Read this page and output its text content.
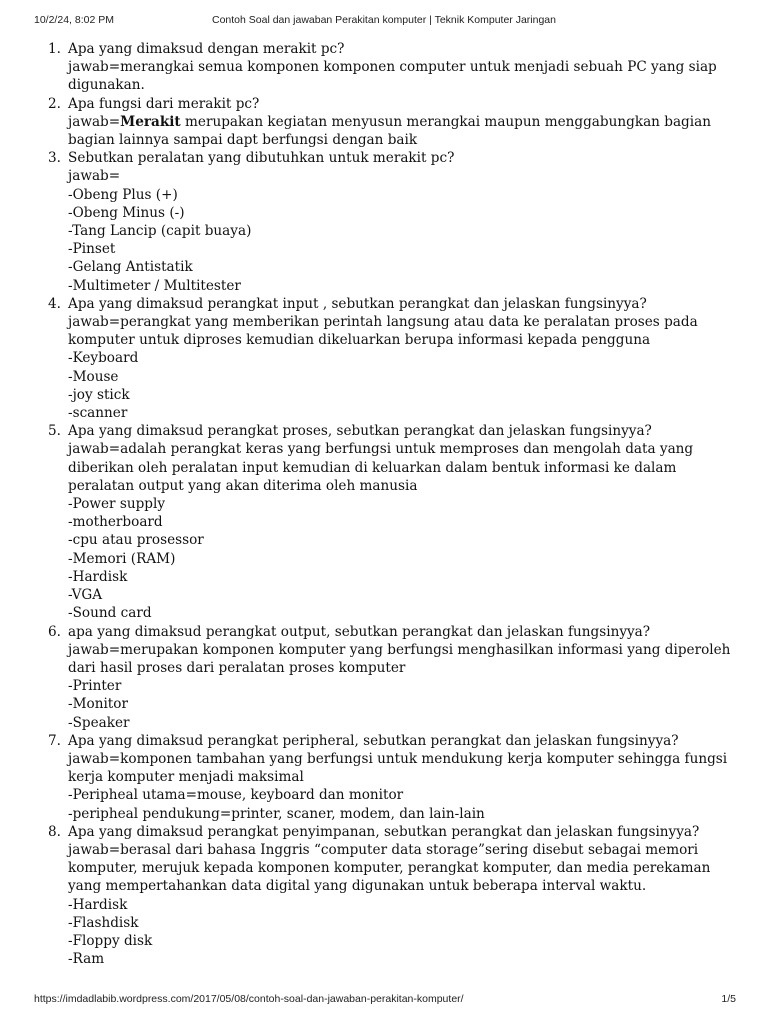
10/2/24, 8:02 PM	Contoh Soal dan jawaban Perakitan komputer | Teknik Komputer Jaringan
1. Apa yang dimaksud dengan merakit pc?
jawab=merangkai semua komponen komponen computer untuk menjadi sebuah PC yang siap digunakan.
2. Apa fungsi dari merakit pc?
jawab=Merakit merupakan kegiatan menyusun merangkai maupun menggabungkan bagian bagian lainnya sampai dapt berfungsi dengan baik
3. Sebutkan peralatan yang dibutuhkan untuk merakit pc?
jawab=
-Obeng Plus (+)
-Obeng Minus (-)
-Tang Lancip (capit buaya)
-Pinset
-Gelang Antistatik
-Multimeter / Multitester
4. Apa yang dimaksud perangkat input , sebutkan perangkat dan jelaskan fungsinyya?
jawab=perangkat yang memberikan perintah langsung atau data ke peralatan proses pada komputer untuk diproses kemudian dikeluarkan berupa informasi kepada pengguna
-Keyboard
-Mouse
-joy stick
-scanner
5. Apa yang dimaksud perangkat proses, sebutkan perangkat dan jelaskan fungsinyya?
jawab=adalah perangkat keras yang berfungsi untuk memproses dan mengolah data yang diberikan oleh peralatan input kemudian di keluarkan dalam bentuk informasi ke dalam peralatan output yang akan diterima oleh manusia
-Power supply
-motherboard
-cpu atau prosessor
-Memori (RAM)
-Hardisk
-VGA
-Sound card
6. apa yang dimaksud perangkat output, sebutkan perangkat dan jelaskan fungsinyya?
jawab=merupakan komponen komputer yang berfungsi menghasilkan informasi yang diperoleh dari hasil proses dari peralatan proses komputer
-Printer
-Monitor
-Speaker
7. Apa yang dimaksud perangkat peripheral, sebutkan perangkat dan jelaskan fungsinyya?
jawab=komponen tambahan yang berfungsi untuk mendukung kerja komputer sehingga fungsi kerja komputer menjadi maksimal
-Peripheal utama=mouse, keyboard dan monitor
-peripheal pendukung=printer, scaner, modem, dan lain-lain
8. Apa yang dimaksud perangkat penyimpanan, sebutkan perangkat dan jelaskan fungsinyya?
jawab=berasal dari bahasa Inggris “computer data storage”sering disebut sebagai memori komputer, merujuk kepada komponen komputer, perangkat komputer, dan media perekaman yang mempertahankan data digital yang digunakan untuk beberapa interval waktu.
-Hardisk
-Flashdisk
-Floppy disk
-Ram
https://imdadlabib.wordpress.com/2017/05/08/contoh-soal-dan-jawaban-perakitan-komputer/	1/5
